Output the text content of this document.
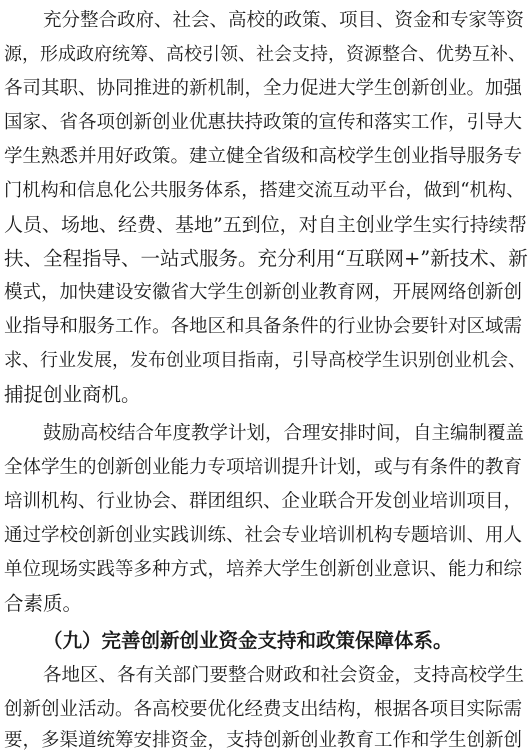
充分整合政府、社会、高校的政策、项目、资金和专家等资
源，形成政府统筹、高校引领、社会支持，资源整合、优势互补、
各司其职、协同推进的新机制，全力促进大学生创新创业。加强
国家、省各项创新创业优惠扶持政策的宣传和落实工作，引导大
学生熟悉并用好政策。建立健全省级和高校学生创业指导服务专
门机构和信息化公共服务体系，搭建交流互动平台，做到“机构、
人员、场地、经费、基地”五到位，对自主创业学生实行持续帮
扶、全程指导、一站式服务。充分利用“互联网+”新技术、新
模式，加快建设安徽省大学生创新创业教育网，开展网络创新创
业指导和服务工作。各地区和具备条件的行业协会要针对区域需
求、行业发展，发布创业项目指南，引导高校学生识别创业机会、
捕捉创业商机。
鼓励高校结合年度教学计划，合理安排时间，自主编制覆盖
全体学生的创新创业能力专项培训提升计划，或与有条件的教育
培训机构、行业协会、群团组织、企业联合开发创业培训项目，
通过学校创新创业实践训练、社会专业培训机构专题培训、用人
单位现场实践等多种方式，培养大学生创新创业意识、能力和综
合素质。
（九）完善创新创业资金支持和政策保障体系。
各地区、各有关部门要整合财政和社会资金，支持高校学生
创新创业活动。各高校要优化经费支出结构，根据各项目实际需
要，多渠道统筹安排资金，支持创新创业教育工作和学生创新创
